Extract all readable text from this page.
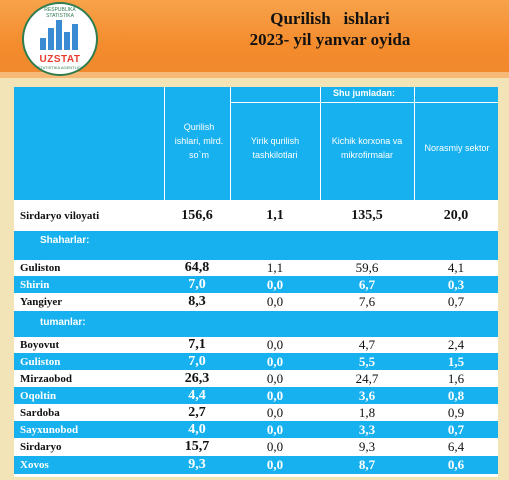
RESPUBLIKA STATISTIKA
UZSTAT
STATISTIKA AGENTLIGI
Qurilish   ishlari
2023- yil yanvar oyida
Shu jumladan:
Qurilish ishlari, mlrd. so`m
Yirik qurilish tashkilotlari
Kichik korxona va mikrofirmalar
Norasmiy sektor
Sirdaryo viloyati	156,6	1,1	135,5	20,0
Shaharlar:
Guliston	64,8	1,1	59,6	4,1
Shirin	7,0	0,0	6,7	0,3
Yangiyer	8,3	0,0	7,6	0,7
tumanlar:
Boyovut	7,1	0,0	4,7	2,4
Guliston	7,0	0,0	5,5	1,5
Mirzaobod	26,3	0,0	24,7	1,6
Oqoltin	4,4	0,0	3,6	0,8
Sardoba	2,7	0,0	1,8	0,9
Sayxunobod	4,0	0,0	3,3	0,7
Sirdaryo	15,7	0,0	9,3	6,4
Xovos	9,3	0,0	8,7	0,6
